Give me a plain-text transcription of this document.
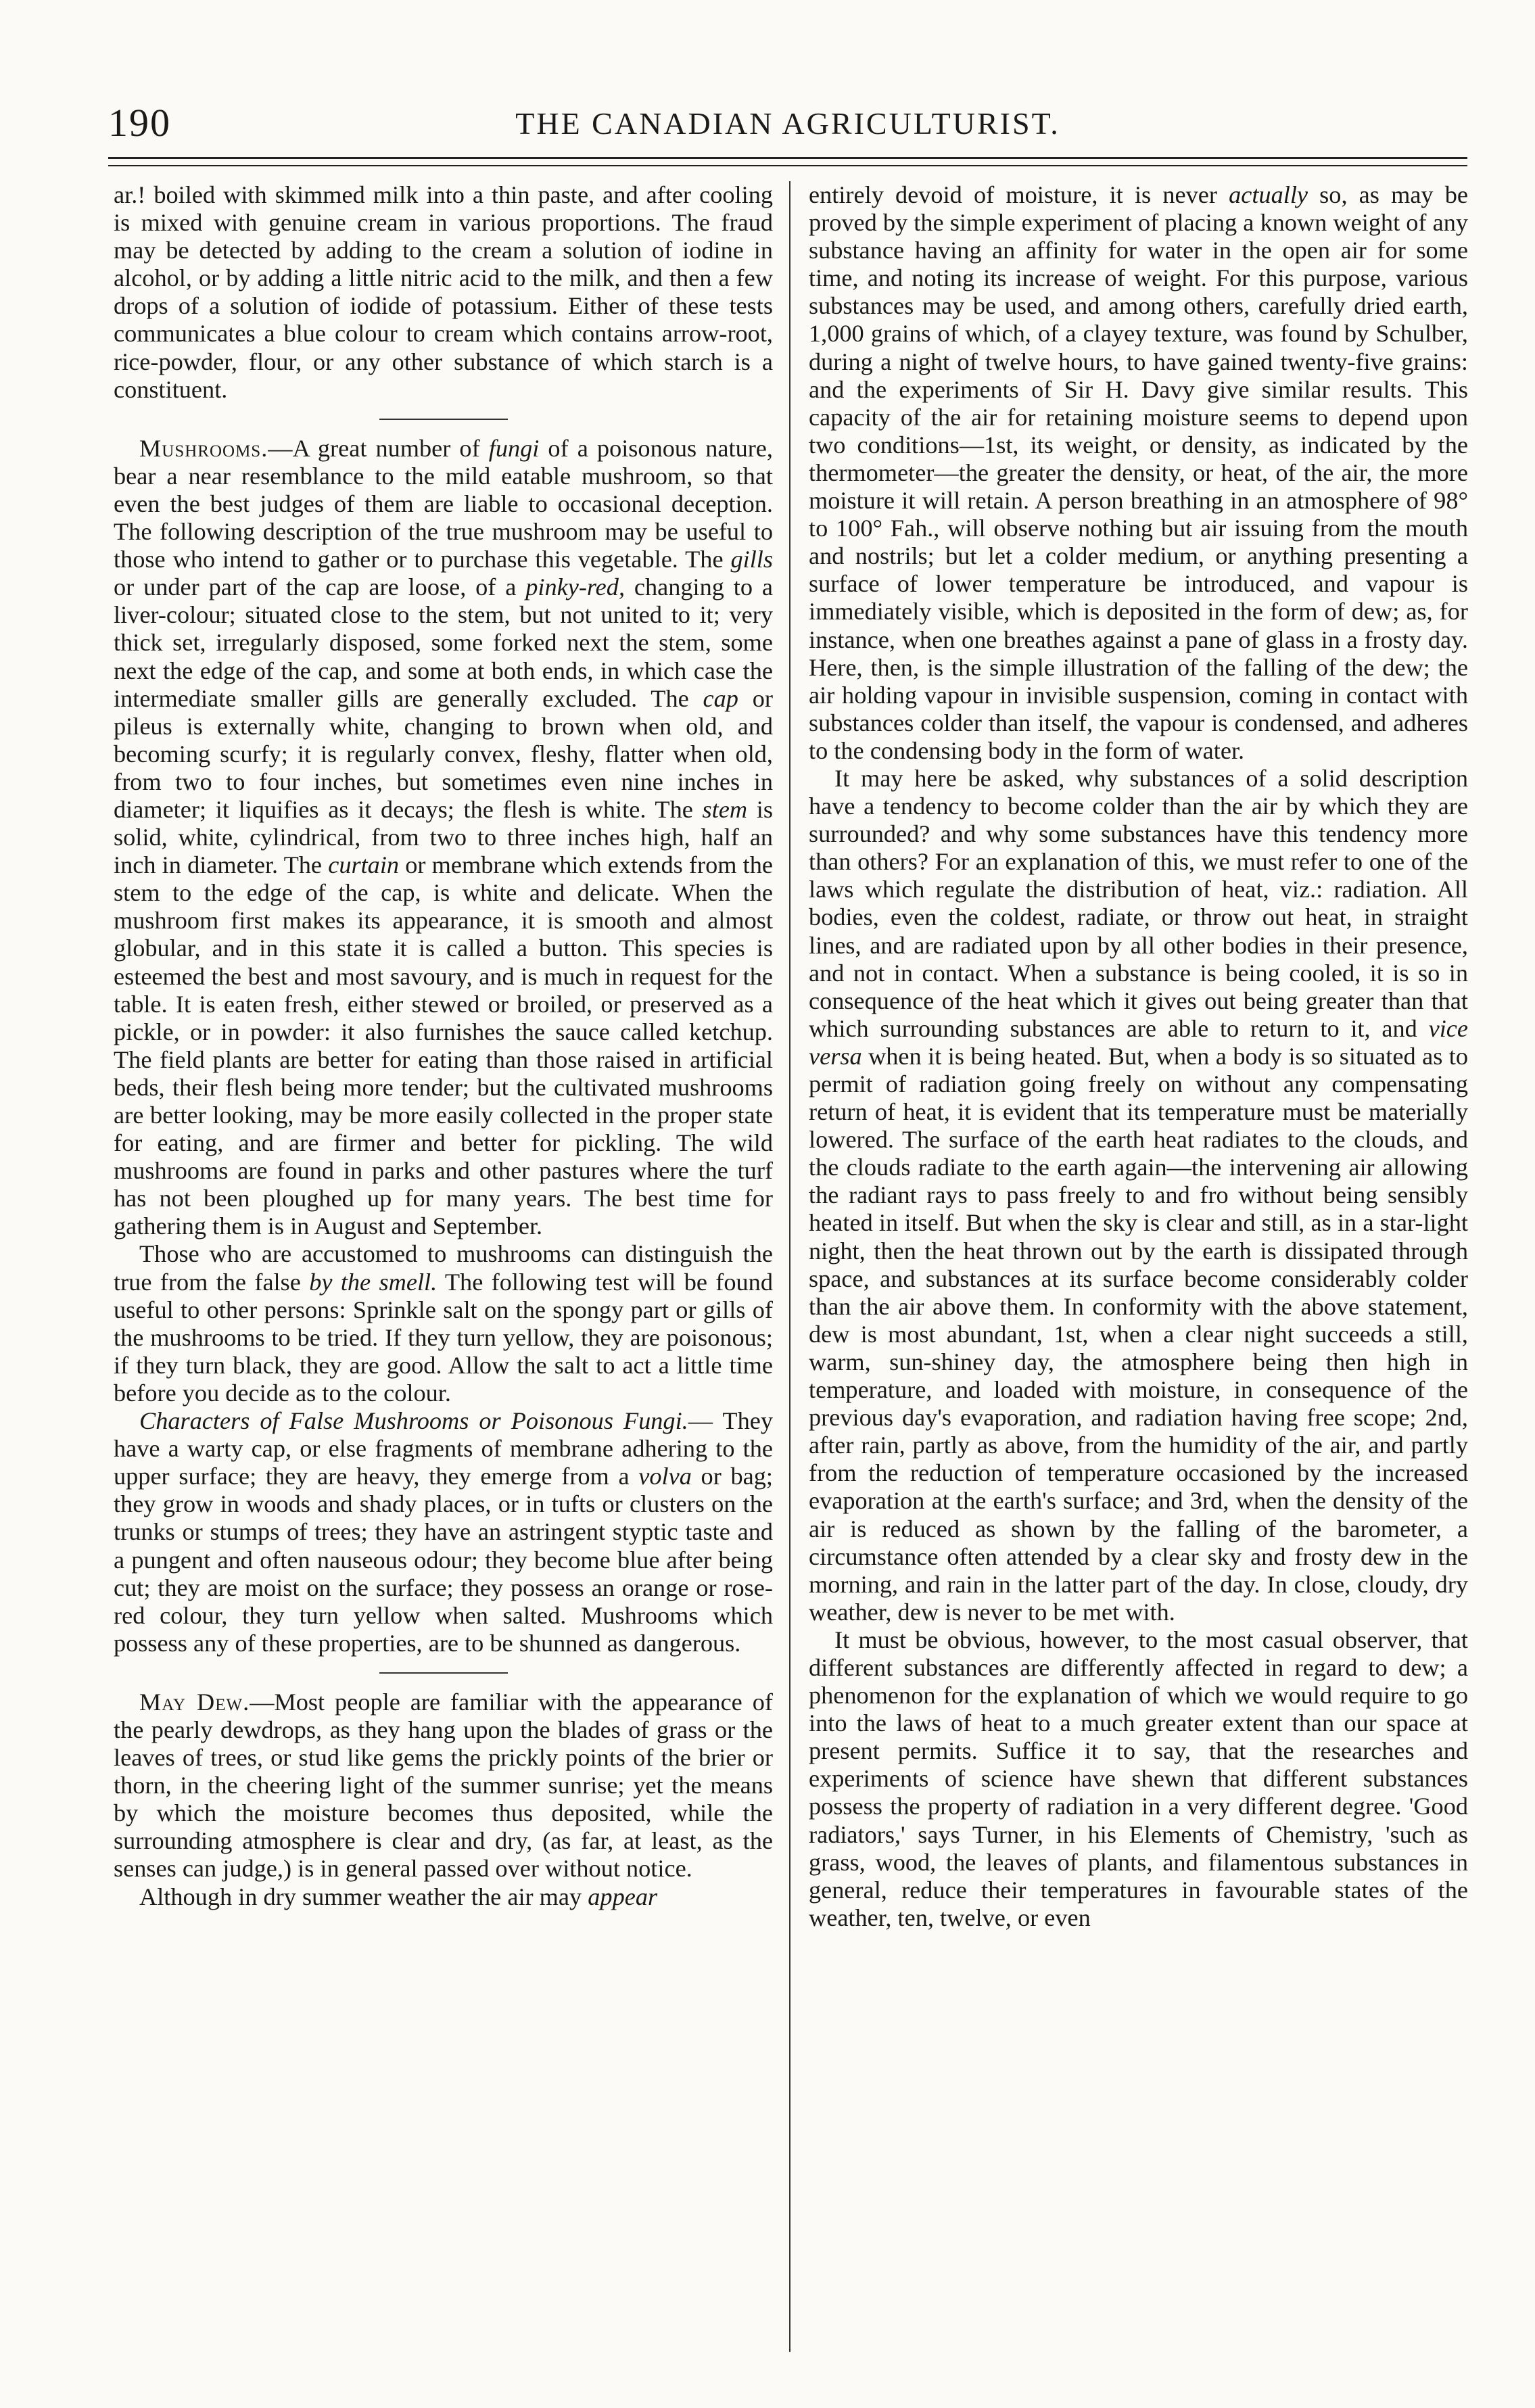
190	THE CANADIAN AGRICULTURIST.

ar.! boiled with skimmed milk into a thin paste, and after cooling is mixed with genuine cream in various proportions. The fraud may be detected by adding to the cream a solution of iodine in alcohol, or by adding a little nitric acid to the milk, and then a few drops of a solution of iodide of potassium. Either of these tests communicates a blue colour to cream which contains arrow-root, rice-powder, flour, or any other substance of which starch is a constituent.

Mushrooms.—A great number of fungi of a poisonous nature, bear a near resemblance to the mild eatable mushroom, so that even the best judges of them are liable to occasional deception. The following description of the true mushroom may be useful to those who intend to gather or to purchase this vegetable. The gills or under part of the cap are loose, of a pinky-red, changing to a liver-colour; situated close to the stem, but not united to it; very thick set, irregularly disposed, some forked next the stem, some next the edge of the cap, and some at both ends, in which case the intermediate smaller gills are generally excluded. The cap or pileus is externally white, changing to brown when old, and becoming scurfy; it is regularly convex, fleshy, flatter when old, from two to four inches, but sometimes even nine inches in diameter; it liquifies as it decays; the flesh is white. The stem is solid, white, cylindrical, from two to three inches high, half an inch in diameter. The curtain or membrane which extends from the stem to the edge of the cap, is white and delicate. When the mushroom first makes its appearance, it is smooth and almost globular, and in this state it is called a button. This species is esteemed the best and most savoury, and is much in request for the table. It is eaten fresh, either stewed or broiled, or preserved as a pickle, or in powder: it also furnishes the sauce called ketchup. The field plants are better for eating than those raised in artificial beds, their flesh being more tender; but the cultivated mushrooms are better looking, may be more easily collected in the proper state for eating, and are firmer and better for pickling. The wild mushrooms are found in parks and other pastures where the turf has not been ploughed up for many years. The best time for gathering them is in August and September.

Those who are accustomed to mushrooms can distinguish the true from the false by the smell. The following test will be found useful to other persons: Sprinkle salt on the spongy part or gills of the mushrooms to be tried. If they turn yellow, they are poisonous; if they turn black, they are good. Allow the salt to act a little time before you decide as to the colour.

Characters of False Mushrooms or Poisonous Fungi.— They have a warty cap, or else fragments of membrane adhering to the upper surface; they are heavy, they emerge from a volva or bag; they grow in woods and shady places, or in tufts or clusters on the trunks or stumps of trees; they have an astringent styptic taste and a pungent and often nauseous odour; they become blue after being cut; they are moist on the surface; they possess an orange or rose-red colour, they turn yellow when salted. Mushrooms which possess any of these properties, are to be shunned as dangerous.

May Dew.—Most people are familiar with the appearance of the pearly dewdrops, as they hang upon the blades of grass or the leaves of trees, or stud like gems the prickly points of the brier or thorn, in the cheering light of the summer sunrise; yet the means by which the moisture becomes thus deposited, while the surrounding atmosphere is clear and dry, (as far, at least, as the senses can judge,) is in general passed over without notice.

Although in dry summer weather the air may appear

entirely devoid of moisture, it is never actually so, as may be proved by the simple experiment of placing a known weight of any substance having an affinity for water in the open air for some time, and noting its increase of weight. For this purpose, various substances may be used, and among others, carefully dried earth, 1,000 grains of which, of a clayey texture, was found by Schulber, during a night of twelve hours, to have gained twenty-five grains: and the experiments of Sir H. Davy give similar results. This capacity of the air for retaining moisture seems to depend upon two conditions—1st, its weight, or density, as indicated by the thermometer—the greater the density, or heat, of the air, the more moisture it will retain. A person breathing in an atmosphere of 98° to 100° Fah., will observe nothing but air issuing from the mouth and nostrils; but let a colder medium, or anything presenting a surface of lower temperature be introduced, and vapour is immediately visible, which is deposited in the form of dew; as, for instance, when one breathes against a pane of glass in a frosty day. Here, then, is the simple illustration of the falling of the dew; the air holding vapour in invisible suspension, coming in contact with substances colder than itself, the vapour is condensed, and adheres to the condensing body in the form of water.

It may here be asked, why substances of a solid description have a tendency to become colder than the air by which they are surrounded? and why some substances have this tendency more than others? For an explanation of this, we must refer to one of the laws which regulate the distribution of heat, viz.: radiation. All bodies, even the coldest, radiate, or throw out heat, in straight lines, and are radiated upon by all other bodies in their presence, and not in contact. When a substance is being cooled, it is so in consequence of the heat which it gives out being greater than that which surrounding substances are able to return to it, and vice versa when it is being heated. But, when a body is so situated as to permit of radiation going freely on without any compensating return of heat, it is evident that its temperature must be materially lowered. The surface of the earth heat radiates to the clouds, and the clouds radiate to the earth again—the intervening air allowing the radiant rays to pass freely to and fro without being sensibly heated in itself. But when the sky is clear and still, as in a star-light night, then the heat thrown out by the earth is dissipated through space, and substances at its surface become considerably colder than the air above them. In conformity with the above statement, dew is most abundant, 1st, when a clear night succeeds a still, warm, sun-shiney day, the atmosphere being then high in temperature, and loaded with moisture, in consequence of the previous day's evaporation, and radiation having free scope; 2nd, after rain, partly as above, from the humidity of the air, and partly from the reduction of temperature occasioned by the increased evaporation at the earth's surface; and 3rd, when the density of the air is reduced as shown by the falling of the barometer, a circumstance often attended by a clear sky and frosty dew in the morning, and rain in the latter part of the day. In close, cloudy, dry weather, dew is never to be met with.

It must be obvious, however, to the most casual observer, that different substances are differently affected in regard to dew; a phenomenon for the explanation of which we would require to go into the laws of heat to a much greater extent than our space at present permits. Suffice it to say, that the researches and experiments of science have shewn that different substances possess the property of radiation in a very different degree. 'Good radiators,' says Turner, in his Elements of Chemistry, 'such as grass, wood, the leaves of plants, and filamentous substances in general, reduce their temperatures in favourable states of the weather, ten, twelve, or even
